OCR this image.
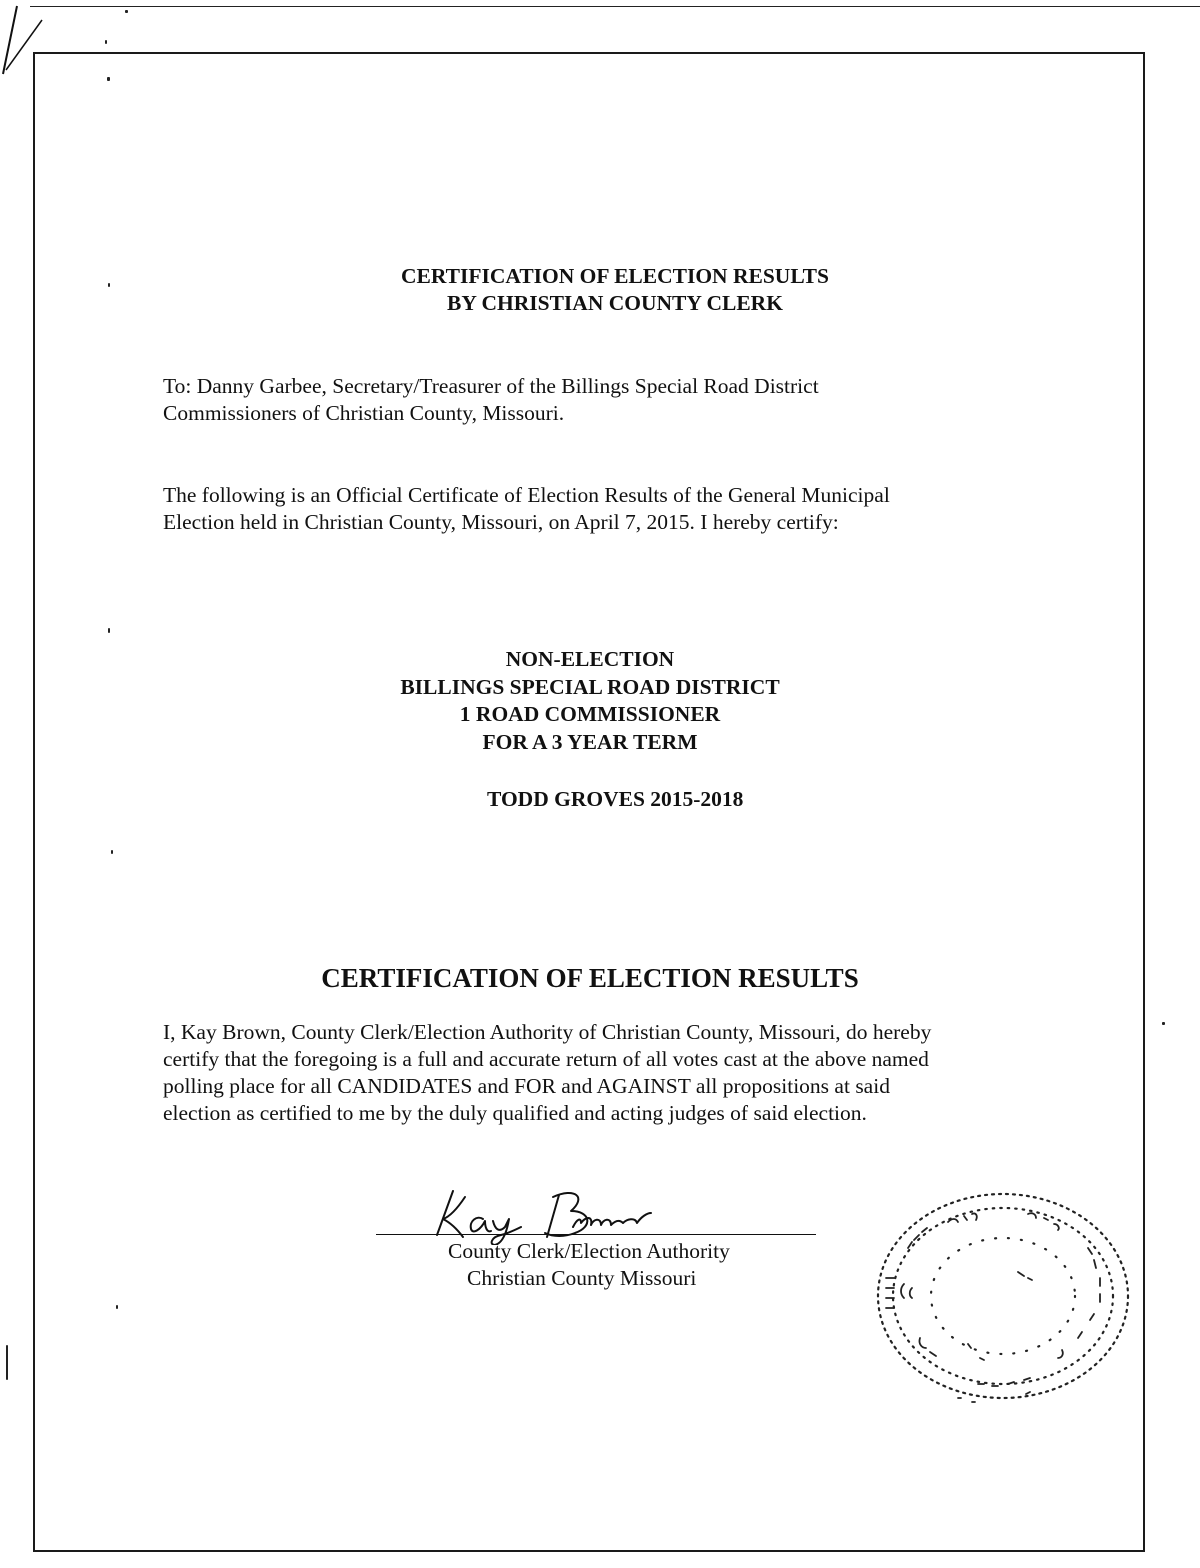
CERTIFICATION OF ELECTION RESULTS
BY CHRISTIAN COUNTY CLERK
To: Danny Garbee, Secretary/Treasurer of the Billings Special Road District
Commissioners of Christian County, Missouri.
The following is an Official Certificate of Election Results of the General Municipal
Election held in Christian County, Missouri, on April 7, 2015. I hereby certify:
NON-ELECTION
BILLINGS SPECIAL ROAD DISTRICT
1 ROAD COMMISSIONER
FOR A 3 YEAR TERM
TODD GROVES 2015-2018
CERTIFICATION OF ELECTION RESULTS
I, Kay Brown, County Clerk/Election Authority of Christian County, Missouri, do hereby
certify that the foregoing is a full and accurate return of all votes cast at the above named
polling place for all CANDIDATES and FOR and AGAINST all propositions at said
election as certified to me by the duly qualified and acting judges of said election.
County Clerk/Election Authority
Christian County Missouri
